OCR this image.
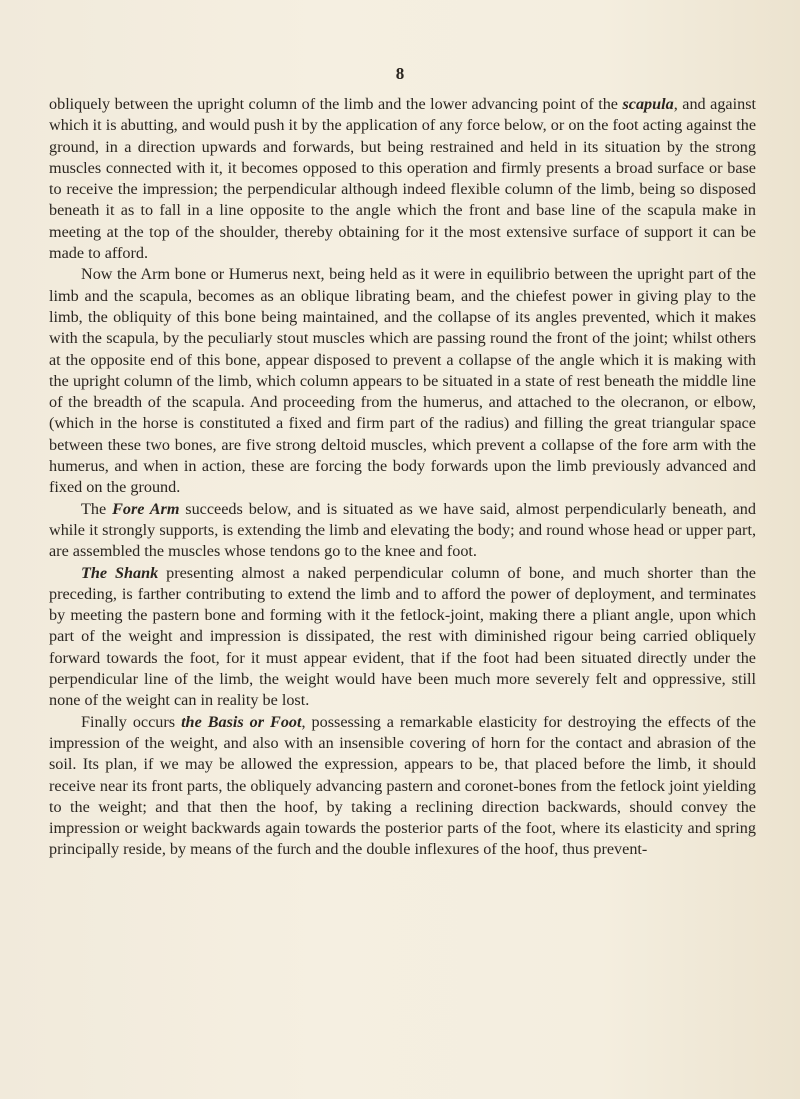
8

obliquely between the upright column of the limb and the lower advancing point of the scapula, and against which it is abutting, and would push it by the application of any force below, or on the foot acting against the ground, in a direction upwards and forwards, but being restrained and held in its situation by the strong muscles connected with it, it becomes opposed to this operation and firmly presents a broad surface or base to receive the impression; the perpendicular although indeed flexible column of the limb, being so disposed beneath it as to fall in a line opposite to the angle which the front and base line of the scapula make in meeting at the top of the shoulder, thereby obtaining for it the most extensive surface of support it can be made to afford.

Now the Arm bone or Humerus next, being held as it were in equilibrio between the upright part of the limb and the scapula, becomes as an oblique librating beam, and the chiefest power in giving play to the limb, the obliquity of this bone being maintained, and the collapse of its angles prevented, which it makes with the scapula, by the peculiarly stout muscles which are passing round the front of the joint; whilst others at the opposite end of this bone, appear disposed to prevent a collapse of the angle which it is making with the upright column of the limb, which column appears to be situated in a state of rest beneath the middle line of the breadth of the scapula. And proceeding from the humerus, and attached to the olecranon, or elbow, (which in the horse is constituted a fixed and firm part of the radius) and filling the great triangular space between these two bones, are five strong deltoid muscles, which prevent a collapse of the fore arm with the humerus, and when in action, these are forcing the body forwards upon the limb previously advanced and fixed on the ground.

The Fore Arm succeeds below, and is situated as we have said, almost perpendicularly beneath, and while it strongly supports, is extending the limb and elevating the body; and round whose head or upper part, are assembled the muscles whose tendons go to the knee and foot.

The Shank presenting almost a naked perpendicular column of bone, and much shorter than the preceding, is farther contributing to extend the limb and to afford the power of deployment, and terminates by meeting the pastern bone and forming with it the fetlock-joint, making there a pliant angle, upon which part of the weight and impression is dissipated, the rest with diminished rigour being carried obliquely forward towards the foot, for it must appear evident, that if the foot had been situated directly under the perpendicular line of the limb, the weight would have been much more severely felt and oppressive, still none of the weight can in reality be lost.

Finally occurs the Basis or Foot, possessing a remarkable elasticity for destroying the effects of the impression of the weight, and also with an insensible covering of horn for the contact and abrasion of the soil. Its plan, if we may be allowed the expression, appears to be, that placed before the limb, it should receive near its front parts, the obliquely advancing pastern and coronet-bones from the fetlock joint yielding to the weight; and that then the hoof, by taking a reclining direction backwards, should convey the impression or weight backwards again towards the posterior parts of the foot, where its elasticity and spring principally reside, by means of the furch and the double inflexures of the hoof, thus prevent-
